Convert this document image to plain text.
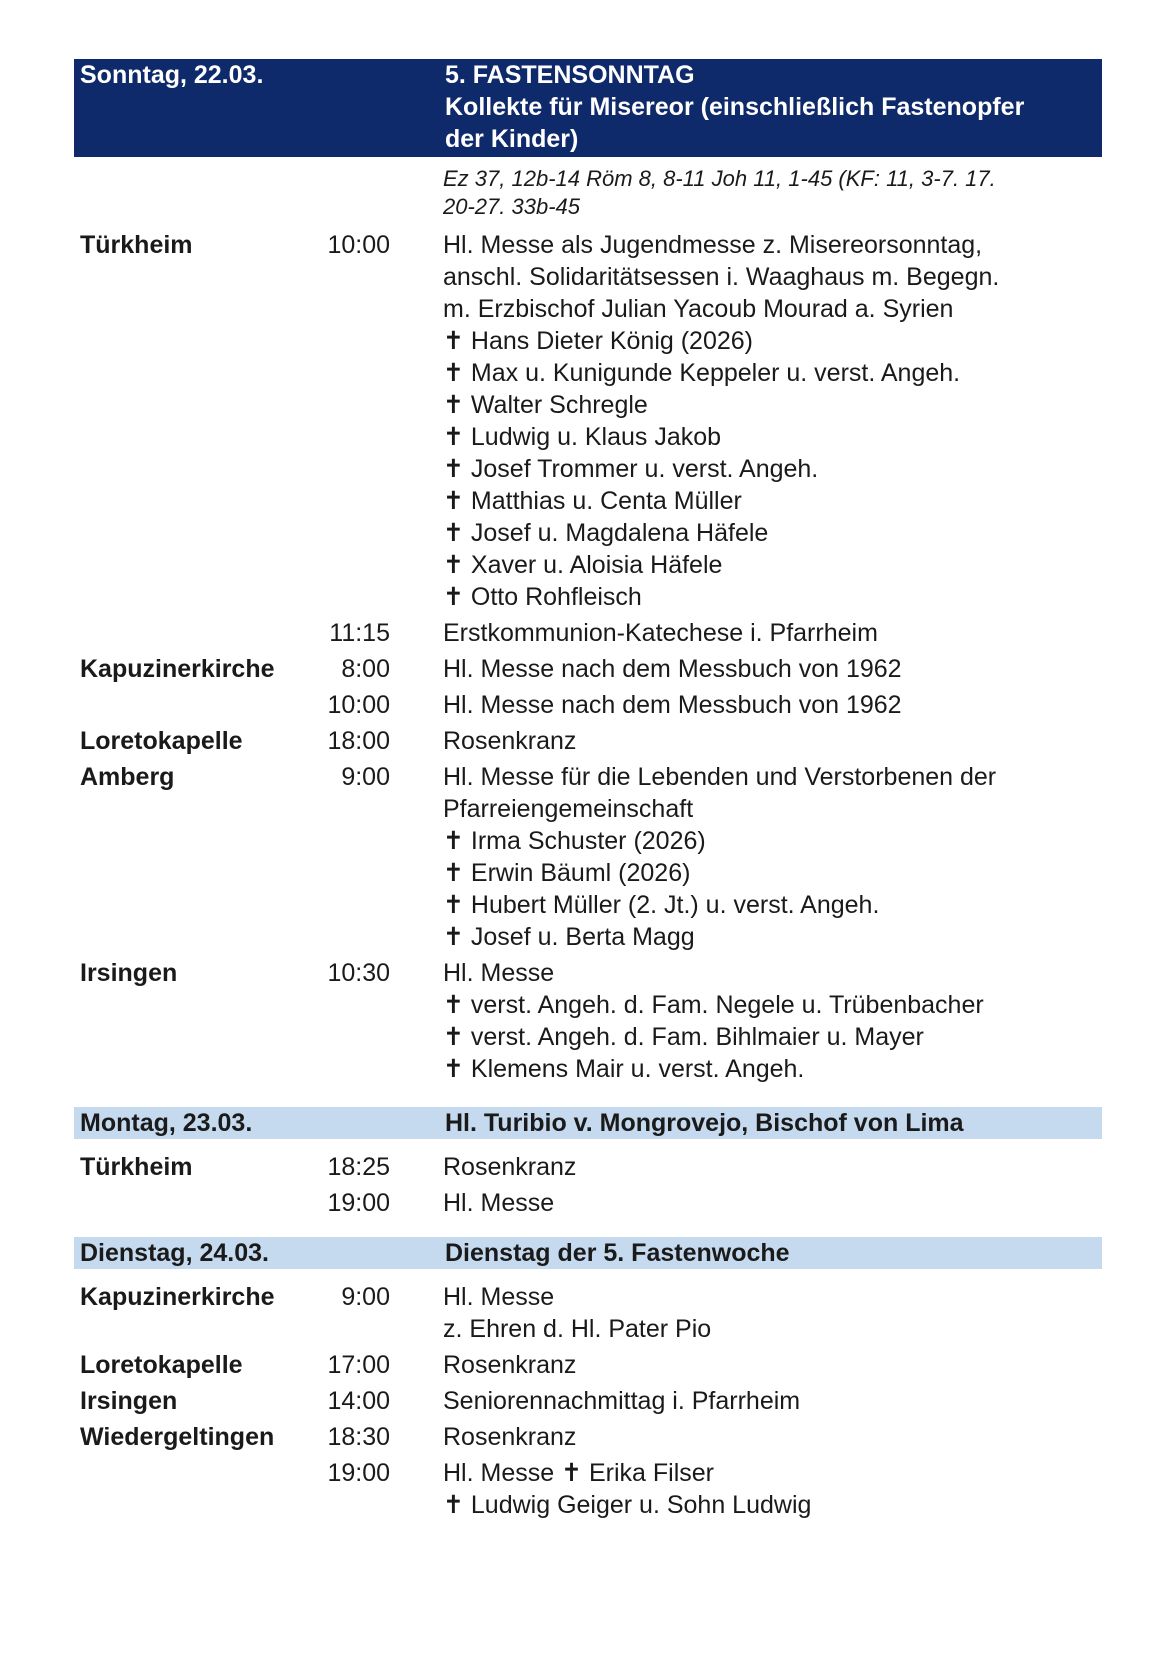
Sonntag, 22.03.	5. FASTENSONNTAG
Kollekte für Misereor (einschließlich Fastenopfer
der Kinder)
Ez 37, 12b-14 Röm 8, 8-11 Joh 11, 1-45 (KF: 11, 3-7. 17.
20-27. 33b-45
Türkheim	10:00 Hl. Messe als Jugendmesse z. Misereorsonntag,
anschl. Solidaritätsessen i. Waaghaus m. Begegn.
m. Erzbischof Julian Yacoub Mourad a. Syrien
✝ Hans Dieter König (2026)
✝ Max u. Kunigunde Keppeler u. verst. Angeh.
✝ Walter Schregle
✝ Ludwig u. Klaus Jakob
✝ Josef Trommer u. verst. Angeh.
✝ Matthias u. Centa Müller
✝ Josef u. Magdalena Häfele
✝ Xaver u. Aloisia Häfele
✝ Otto Rohfleisch
11:15 Erstkommunion-Katechese i. Pfarrheim
Kapuzinerkirche	8:00 Hl. Messe nach dem Messbuch von 1962
10:00 Hl. Messe nach dem Messbuch von 1962
Loretokapelle	18:00 Rosenkranz
Amberg	9:00 Hl. Messe für die Lebenden und Verstorbenen der
Pfarreiengemeinschaft
✝ Irma Schuster (2026)
✝ Erwin Bäuml (2026)
✝ Hubert Müller (2. Jt.) u. verst. Angeh.
✝ Josef u. Berta Magg
Irsingen	10:30 Hl. Messe
✝ verst. Angeh. d. Fam. Negele u. Trübenbacher
✝ verst. Angeh. d. Fam. Bihlmaier u. Mayer
✝ Klemens Mair u. verst. Angeh.
Montag, 23.03.	Hl. Turibio v. Mongrovejo, Bischof von Lima
Türkheim	18:25 Rosenkranz
19:00 Hl. Messe
Dienstag, 24.03.	Dienstag der 5. Fastenwoche
Kapuzinerkirche	9:00 Hl. Messe
z. Ehren d. Hl. Pater Pio
Loretokapelle	17:00 Rosenkranz
Irsingen	14:00 Seniorennachmittag i. Pfarrheim
Wiedergeltingen	18:30 Rosenkranz
19:00 Hl. Messe ✝ Erika Filser
✝ Ludwig Geiger u. Sohn Ludwig
